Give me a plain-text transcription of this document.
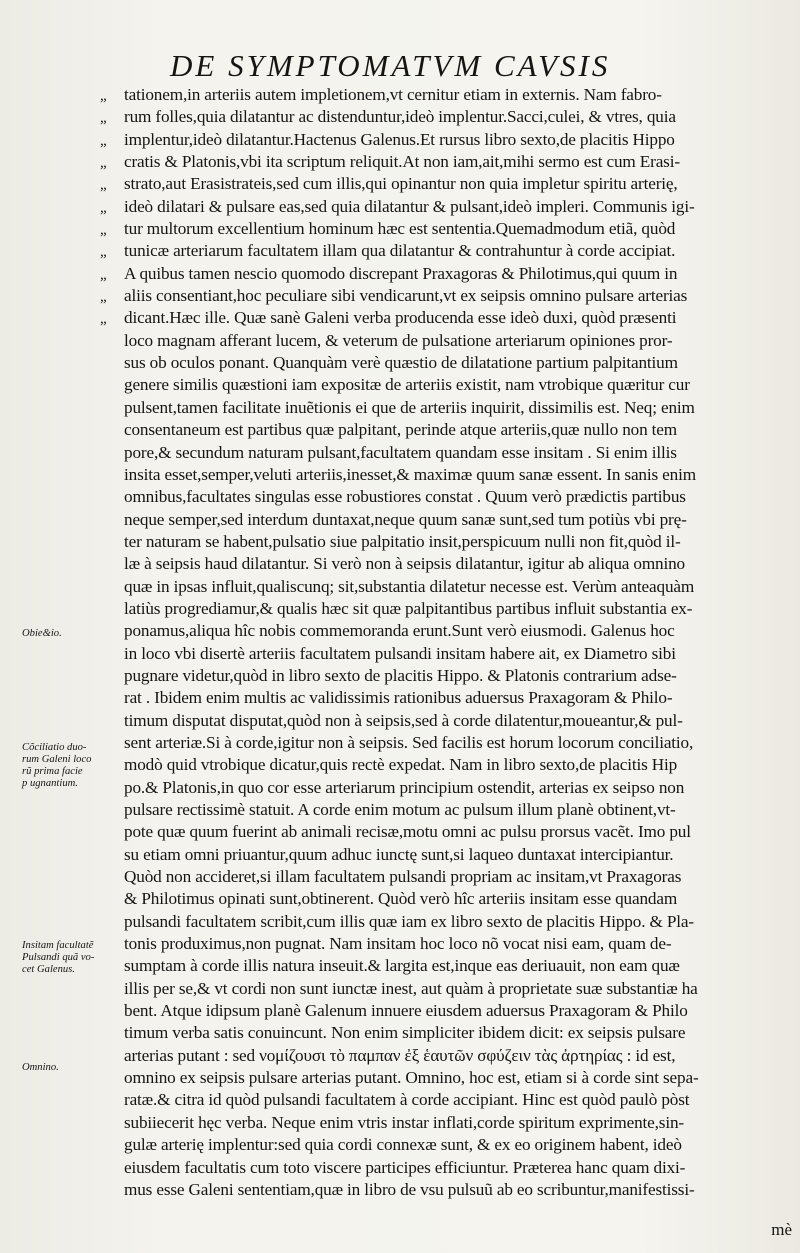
DE SYMPTOMATVM CAVSIS
„ tationem,in arteriis autem impletionem,vt cernitur etiam in externis. Nam fabro-
„ rum folles,quia dilatantur ac distenduntur,ideò implentur.Sacci,culei, & vtres, quia
„ implentur,ideò dilatantur.Hactenus Galenus.Et rursus libro sexto,de placitis Hippo
„ cratis & Platonis,vbi ita scriptum reliquit.At non iam,ait,mihi sermo est cum Erasi-
„ strato,aut Erasistrateis,sed cum illis,qui opinantur non quia impletur spiritu arterię,
„ ideò dilatari & pulsare eas,sed quia dilatantur & pulsant,ideò impleri. Communis igi-
„ tur multorum excellentium hominum hæc est sententia.Quemadmodum etiã, quòd
„ tunicæ arteriarum facultatem illam qua dilatantur & contrahuntur à corde accipiat.
„ A quibus tamen nescio quomodo discrepant Praxagoras & Philotimus,qui quum in
„ aliis consentiant,hoc peculiare sibi vendicarunt,vt ex seipsis omnino pulsare arterias
„ dicant.Hæc ille. Quæ sanè Galeni verba producenda esse ideò duxi, quòd præsenti
loco magnam afferant lucem, & veterum de pulsatione arteriarum opiniones pror-
sus ob oculos ponant. Quanquàm verè quæstio de dilatatione partium palpitantium
genere similis quæstioni iam expositæ de arteriis existit, nam vtrobique quæritur cur
pulsent,tamen facilitate inuẽtionis ei que de arteriis inquirit, dissimilis est. Neq; enim
consentaneum est partibus quæ palpitant, perinde atque arteriis,quæ nullo non tem
pore,& secundum naturam pulsant,facultatem quandam esse insitam . Si enim illis
insita esset,semper,veluti arteriis,inesset,& maximæ quum sanæ essent. In sanis enim
omnibus,facultates singulas esse robustiores constat . Quum verò prædictis partibus
neque semper,sed interdum duntaxat,neque quum sanæ sunt,sed tum potiùs vbi prę-
ter naturam se habent,pulsatio siue palpitatio insit,perspicuum nulli non fit,quòd il-
læ à seipsis haud dilatantur. Si verò non à seipsis dilatantur, igitur ab aliqua omnino
quæ in ipsas influit,qualiscunq; sit,substantia dilatetur necesse est. Verùm anteaquàm
latiùs progrediamur,& qualis hæc sit quæ palpitantibus partibus influit substantia ex-
ponamus,aliqua hîc nobis commemoranda erunt.Sunt verò eiusmodi. Galenus hoc
in loco vbi disertè arteriis facultatem pulsandi insitam habere ait, ex Diametro sibi
pugnare videtur,quòd in libro sexto de placitis Hippo. & Platonis contrarium adse-
rat . Ibidem enim multis ac validissimis rationibus aduersus Praxagoram & Philo-
timum disputat disputat,quòd non à seipsis,sed à corde dilatentur,moueantur,& pul-
sent arteriæ.Si à corde,igitur non à seipsis. Sed facilis est horum locorum conciliatio,
modò quid vtrobique dicatur,quis rectè expedat. Nam in libro sexto,de placitis Hip
po.& Platonis,in quo cor esse arteriarum principium ostendit, arterias ex seipso non
pulsare rectissimè statuit. A corde enim motum ac pulsum illum planè obtinent,vt-
pote quæ quum fuerint ab animali recisæ,motu omni ac pulsu prorsus vacẽt. Imo pul
su etiam omni priuantur,quum adhuc iunctę sunt,si laqueo duntaxat intercipiantur.
Quòd non accideret,si illam facultatem pulsandi propriam ac insitam,vt Praxagoras
& Philotimus opinati sunt,obtinerent. Quòd verò hîc arteriis insitam esse quandam
pulsandi facultatem scribit,cum illis quæ iam ex libro sexto de placitis Hippo. & Pla-
tonis produximus,non pugnat. Nam insitam hoc loco nõ vocat nisi eam, quam de-
sumptam à corde illis natura inseuit.& largita est,inque eas deriuauit, non eam quæ
illis per se,& vt cordi non sunt iunctæ inest, aut quàm à proprietate suæ substantiæ ha
bent. Atque idipsum planè Galenum innuere eiusdem aduersus Praxagoram & Philo
timum verba satis conuincunt. Non enim simpliciter ibidem dicit: ex seipsis pulsare
arterias putant : sed νομίζουσι τὸ παμπαν ἐξ ἑαυτῶν σφύζειν τὰς ἀρτηρίας : id est,
omnino ex seipsis pulsare arterias putant. Omnino, hoc est, etiam si à corde sint sepa-
ratæ.& citra id quòd pulsandi facultatem à corde accipiant. Hinc est quòd paulò pòst
subiiecerit hęc verba. Neque enim vtris instar inflati,corde spiritum exprimente,sin-
gulæ arterię implentur:sed quia cordi connexæ sunt, & ex eo originem habent, ideò
eiusdem facultatis cum toto viscere participes efficiuntur. Præterea hanc quam dixi-
mus esse Galeni sententiam,quæ in libro de vsu pulsuũ ab eo scribuntur,manifestissi-
Obie&io.
Cõciliatio duo-
rum Galeni loco
rũ prima facie
p ugnantium.
Insitam facultatẽ
Pulsandi quã vo-
cet Galenus.
Omnino.
mè
